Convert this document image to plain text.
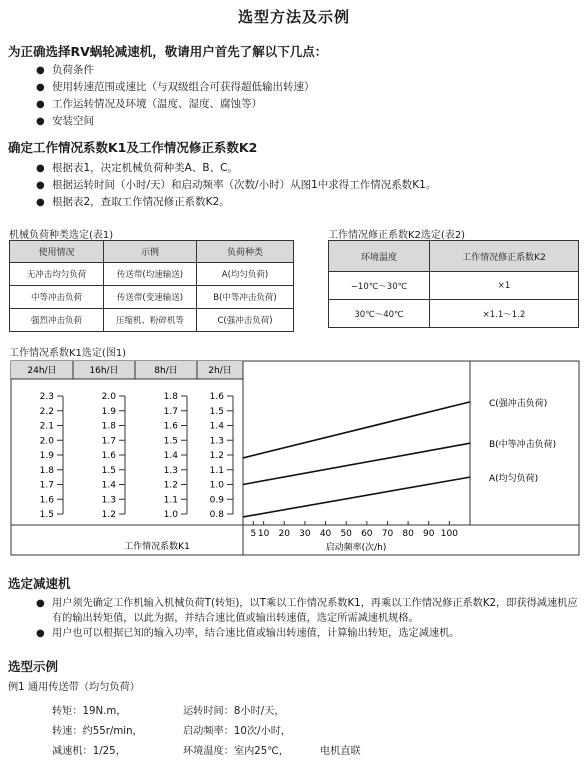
选型方法及示例
为正确选择RV蜗轮减速机，敬请用户首先了解以下几点：
● 负荷条件
● 使用转速范围或速比（与双级组合可获得超低输出转速）
● 工作运转情况及环境（温度、湿度、腐蚀等）
● 安装空间
确定工作情况系数K1及工作情况修正系数K2
● 根据表1，决定机械负荷种类A、B、C。
● 根据运转时间（小时/天）和启动频率（次数/小时）从图1中求得工作情况系数K1。
● 根据表2，查取工作情况修正系数K2。
机械负荷种类选定(表1)
使用情况	示例	负荷种类
无冲击均匀负荷	传送带(均速输送)	A(均匀负荷)
中等冲击负荷	传送带(变速输送)	B(中等冲击负荷)
强烈冲击负荷	压缩机、粉碎机等	C(强冲击负荷)
工作情况修正系数K2选定(表2)
环境温度	工作情况修正系数K2
−10℃～30℃	×1
30℃～40℃	×1.1～1.2
工作情况系数K1选定(图1)
24h/日	16h/日	8h/日	2h/日
2.3
2.2
2.1
2.0
1.9
1.8
1.7
1.6
1.5
2.0
1.9
1.8
1.7
1.6
1.5
1.4
1.3
1.2
1.8
1.7
1.6
1.5
1.4
1.3
1.2
1.1
1.0
1.6
1.5
1.4
1.3
1.2
1.1
1.0
0.9
0.8
5 10 20 30 40 50 60 70 80 90 100
C(强冲击负荷)
B(中等冲击负荷)
A(均匀负荷)
工作情况系数K1	启动频率(次/h)
选定减速机
● 用户须先确定工作机输入机械负荷T(转矩)，以T乘以工作情况系数K1，再乘以工作情况修正系数K2，即获得减速机应有的输出转矩值，以此为据，并结合速比值或输出转速值，选定所需减速机规格。
● 用户也可以根据已知的输入功率，结合速比值或输出转速值，计算输出转矩，选定减速机。
选型示例
例1 通用传送带（均匀负荷）
转矩：19N.m，	运转时间：8小时/天，
转速：约55r/min，	启动频率：10次/小时，
减速机：1/25，	环境温度：室内25℃，	电机直联
